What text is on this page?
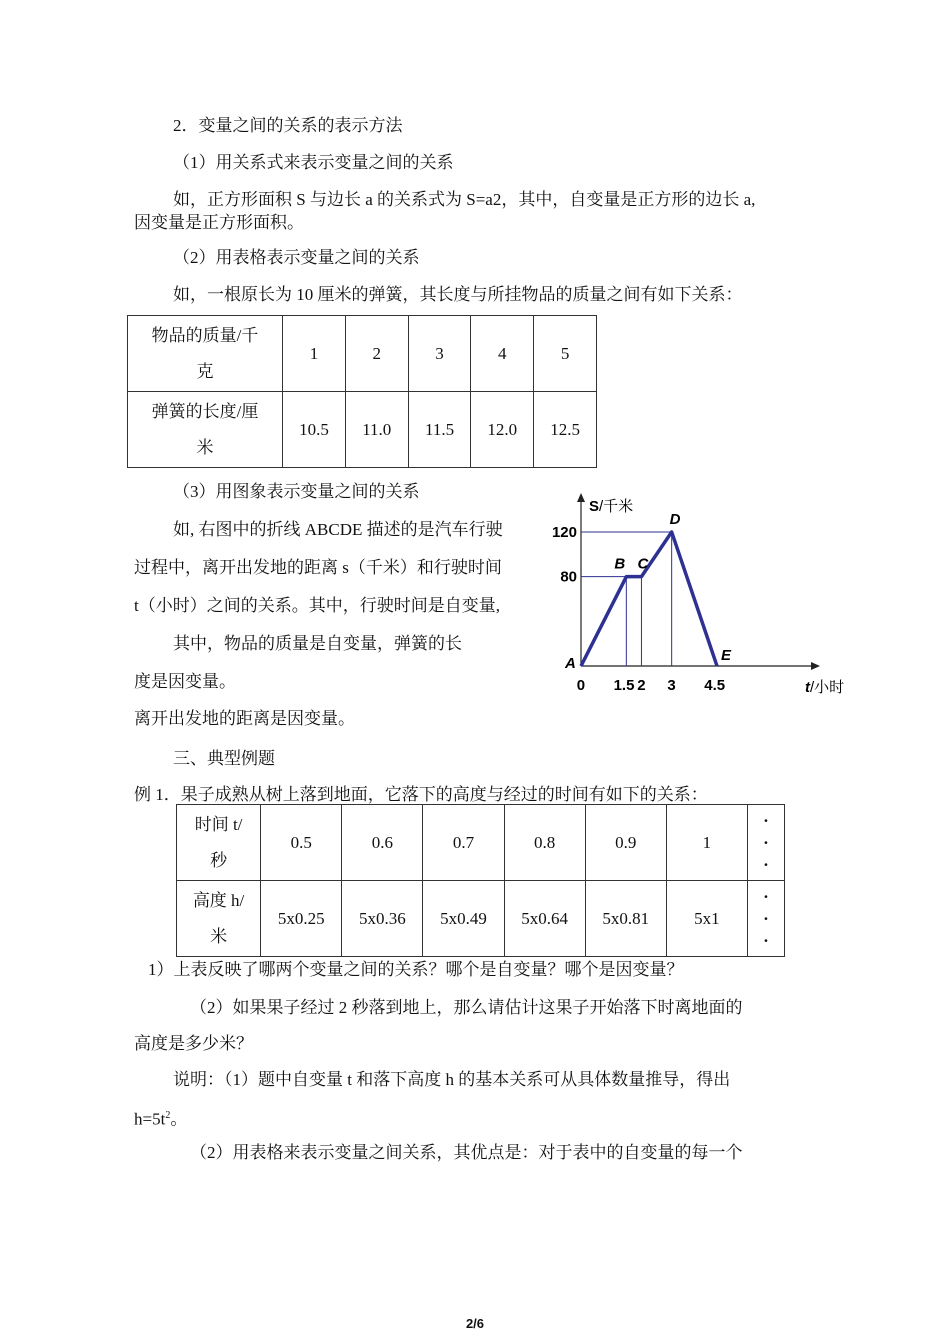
2．变量之间的关系的表示方法
（1）用关系式来表示变量之间的关系
如，正方形面积 S 与边长 a 的关系式为 S=a2，其中，自变量是正方形的边长 a,
因变量是正方形面积。
（2）用表格表示变量之间的关系
如，一根原长为 10 厘米的弹簧，其长度与所挂物品的质量之间有如下关系：
物品的质量/千
克	1	2	3	4	5
弹簧的长度/厘
米	10.5	11.0	11.5	12.0	12.5
（3）用图象表示变量之间的关系
如, 右图中的折线 ABCDE 描述的是汽车行驶
过程中，离开出发地的距离 s（千米）和行驶时间
t（小时）之间的关系。其中，行驶时间是自变量,
其中，物品的质量是自变量，弹簧的长
度是因变量。
离开出发地的距离是因变量。
S/千米
t/小时
A
B C
D
E
0 1.5 2 3 4.5
80
120
三、典型例题
例 1．果子成熟从树上落到地面，它落下的高度与经过的时间有如下的关系：
时间 t/
秒	0.5	0.6	0.7	0.8	0.9	1	·
·
·
高度 h/
米	5x0.25	5x0.36	5x0.49	5x0.64	5x0.81	5x1	·
·
·
1）上表反映了哪两个变量之间的关系？哪个是自变量？哪个是因变量？
（2）如果果子经过 2 秒落到地上，那么请估计这果子开始落下时离地面的
高度是多少米？
说明：（1）题中自变量 t 和落下高度 h 的基本关系可从具体数量推导，得出
$h=5t^2$。
（2）用表格来表示变量之间关系，其优点是：对于表中的自变量的每一个
2/6
